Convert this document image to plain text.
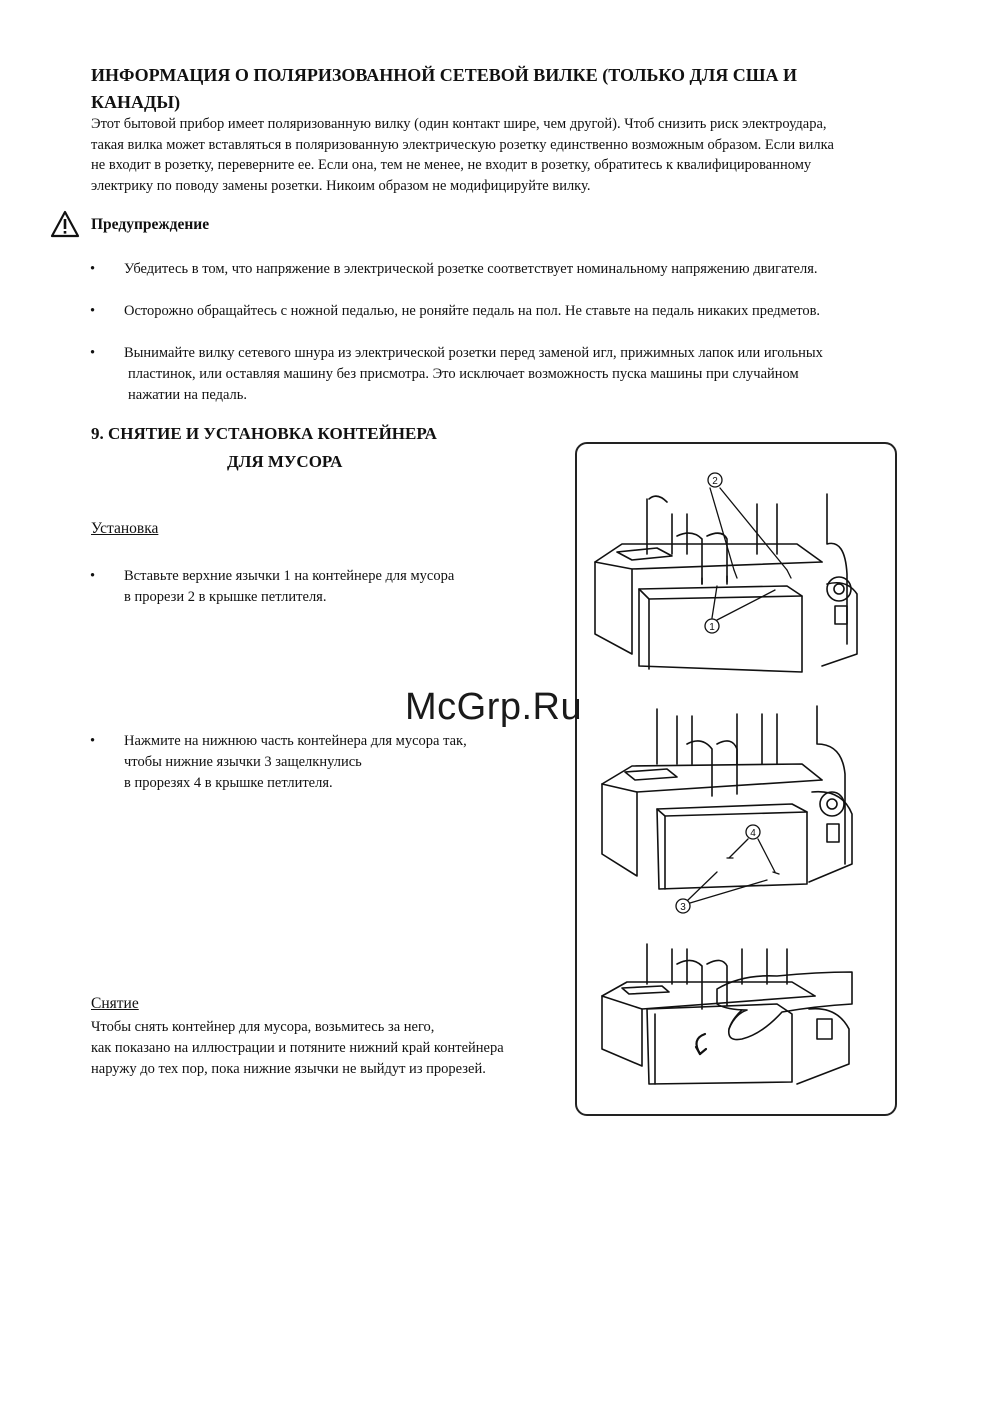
ИНФОРМАЦИЯ О ПОЛЯРИЗОВАННОЙ СЕТЕВОЙ ВИЛКЕ (ТОЛЬКО ДЛЯ США И
КАНАДЫ)
Этот бытовой прибор имеет поляризованную вилку (один контакт шире, чем другой). Чтоб снизить риск электроудара,
такая вилка может вставляться в поляризованную электрическую розетку единственно возможным образом. Если вилка
не входит в розетку, переверните ее. Если она, тем не менее, не входит в розетку, обратитесь к квалифицированному
электрику по поводу замены розетки. Никоим образом не модифицируйте вилку.
Предупреждение
• Убедитесь в том, что напряжение в электрической розетке соответствует номинальному напряжению двигателя.
• Осторожно обращайтесь с ножной педалью, не роняйте педаль на пол. Не ставьте на педаль никаких предметов.
• Вынимайте вилку сетевого шнура из электрической розетки перед заменой игл, прижимных лапок или игольных
пластинок, или оставляя машину без присмотра. Это исключает возможность пуска машины при случайном
нажатии на педаль.
9. СНЯТИЕ И УСТАНОВКА КОНТЕЙНЕРА
ДЛЯ МУСОРА
Установка
• Вставьте верхние язычки 1 на контейнере для мусора
в прорези 2 в крышке петлителя.
• Нажмите на нижнюю часть контейнера для мусора так,
чтобы нижние язычки 3 защелкнулись
в прорезях 4 в крышке петлителя.
Снятие
Чтобы снять контейнер для мусора, возьмитесь за него,
как показано на иллюстрации и потяните нижний край контейнера
наружу до тех пор, пока нижние язычки не выйдут из прорезей.
2
1
4
3
McGrp.Ru
